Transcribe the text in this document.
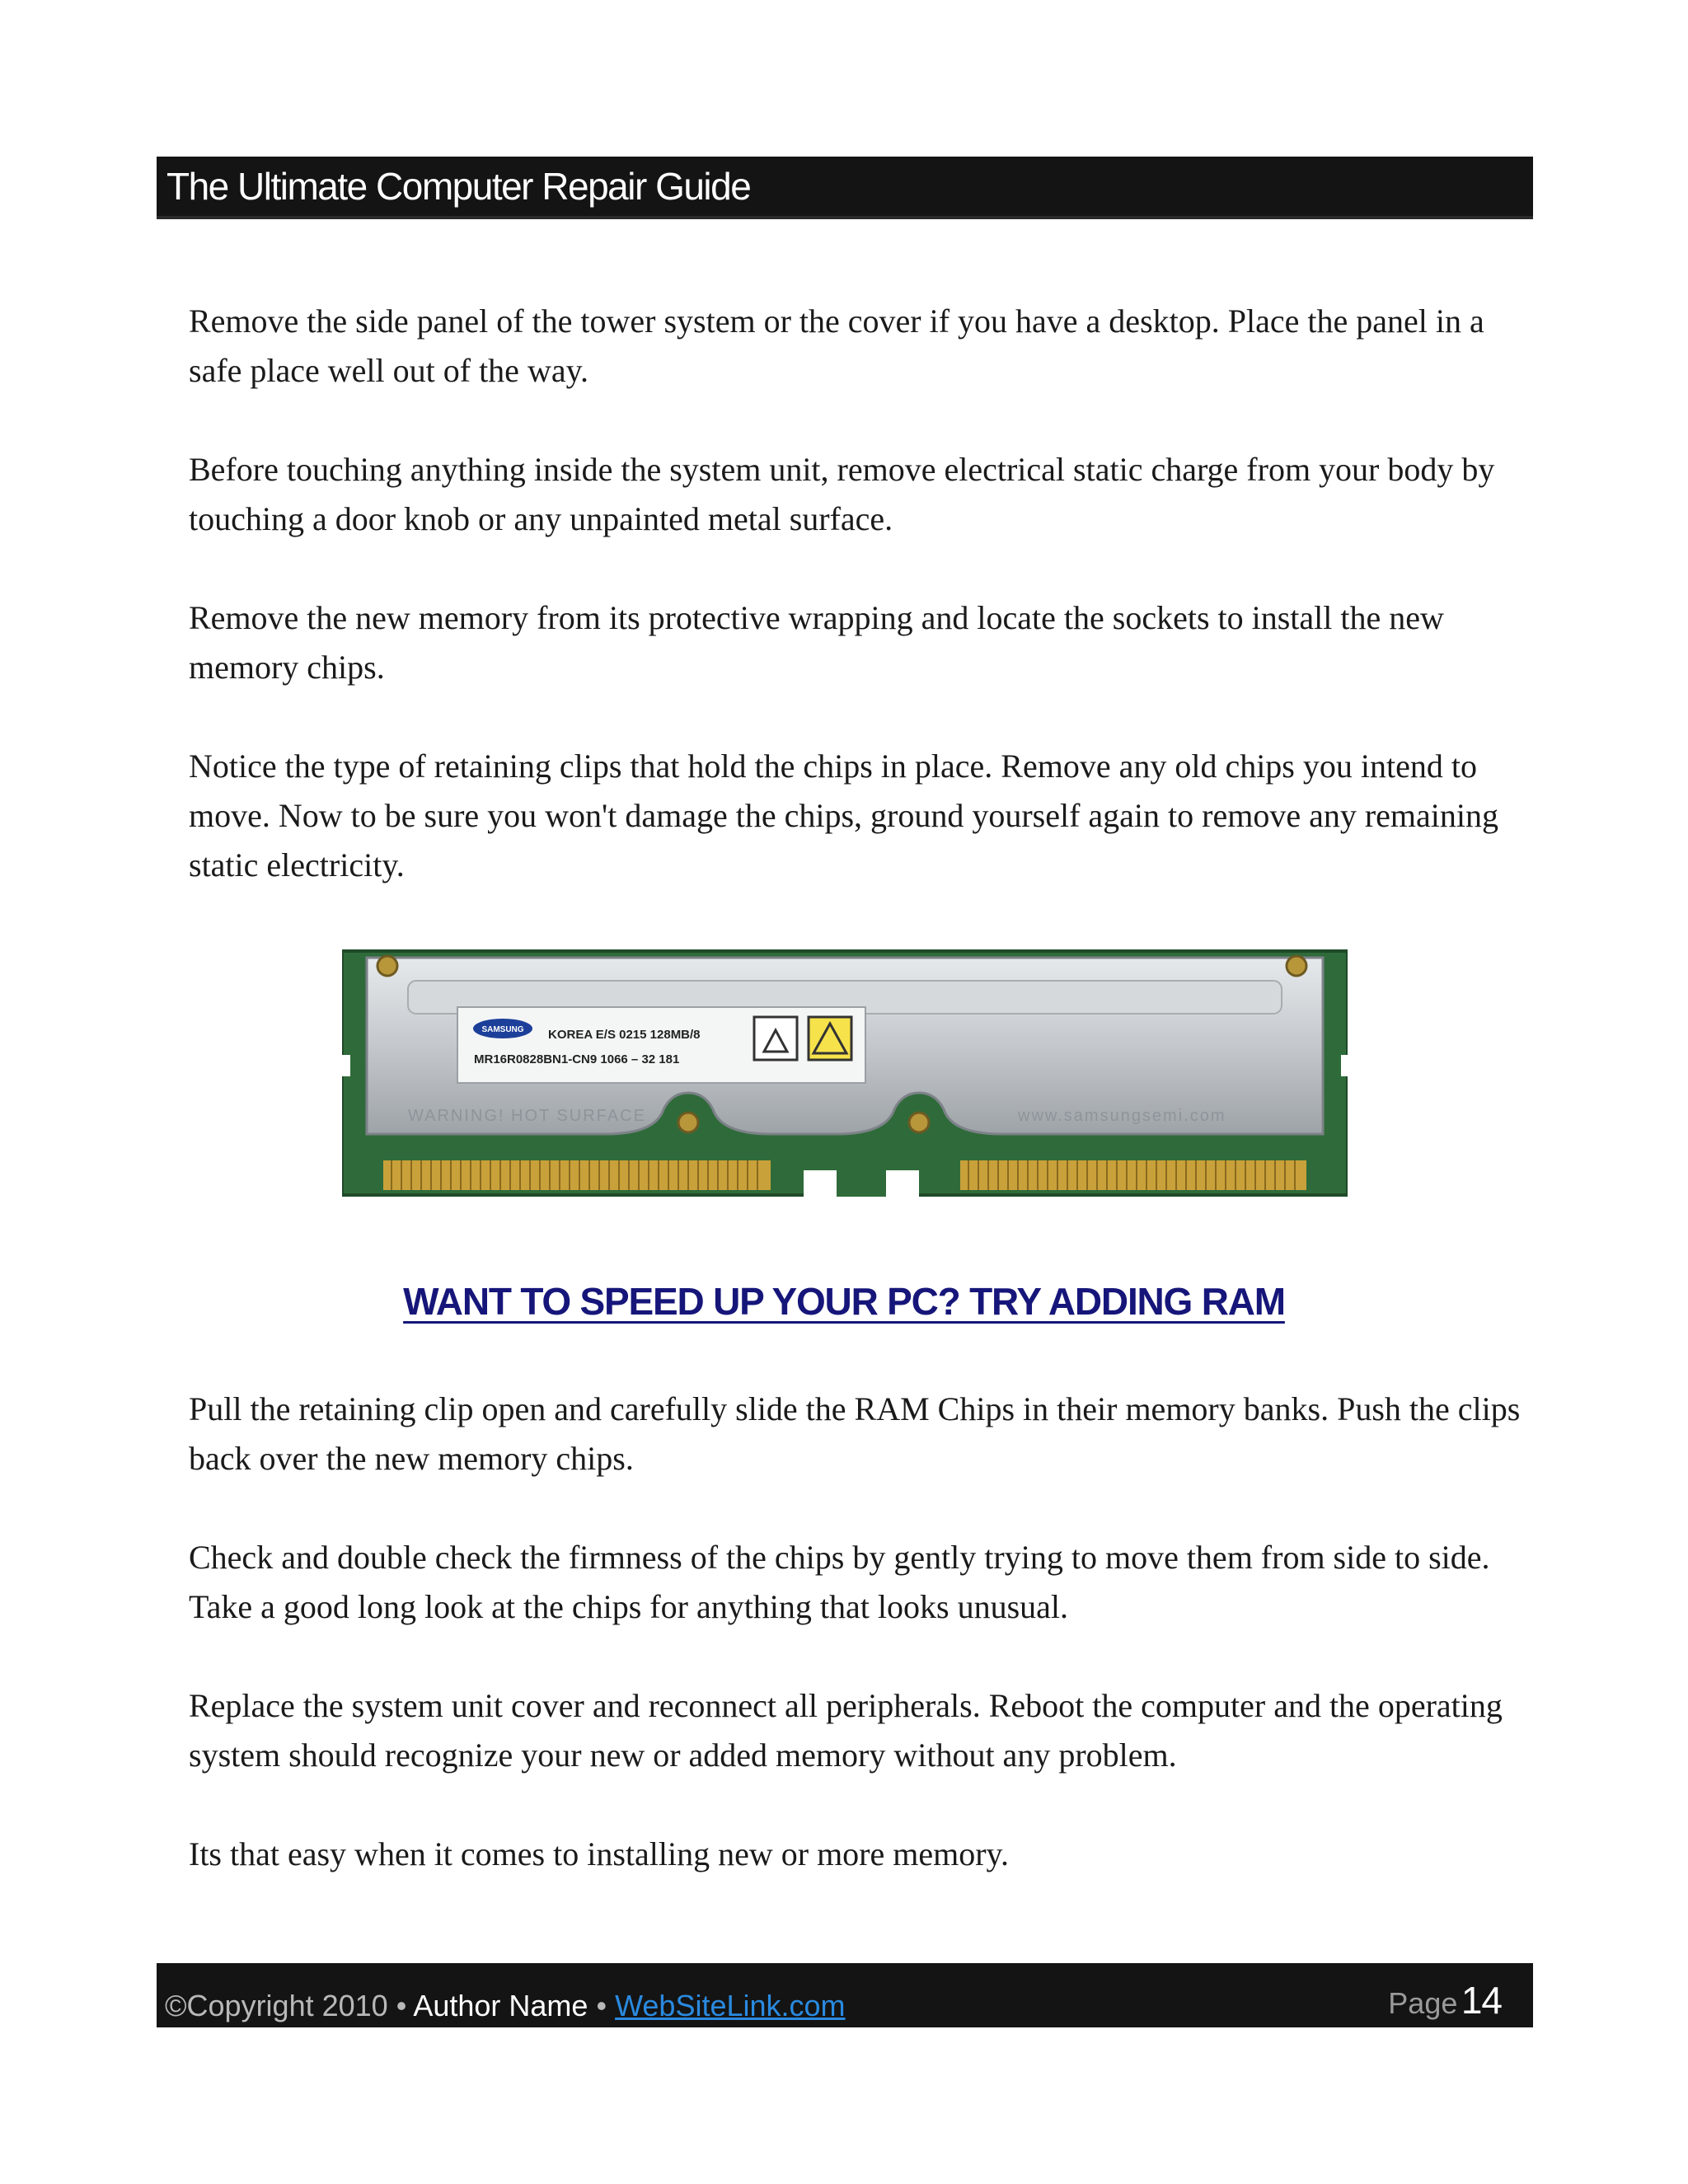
The Ultimate Computer Repair Guide

Remove the side panel of the tower system or the cover if you have a desktop. Place the panel in a safe place well out of the way.

Before touching anything inside the system unit, remove electrical static charge from your body by touching a door knob or any unpainted metal surface.

Remove the new memory from its protective wrapping and locate the sockets to install the new memory chips.

Notice the type of retaining clips that hold the chips in place. Remove any old chips you intend to move. Now to be sure you won't damage the chips, ground yourself again to remove any remaining static electricity.

SAMSUNG KOREA E/S 0215 128MB/8
MR16R0828BN1-CN9 1066 – 32 181
WARNING! HOT SURFACE	www.samsungsemi.com
WANT TO SPEED UP YOUR PC? TRY ADDING RAM

Pull the retaining clip open and carefully slide the RAM Chips in their memory banks. Push the clips back over the new memory chips.

Check and double check the firmness of the chips by gently trying to move them from side to side. Take a good long look at the chips for anything that looks unusual.

Replace the system unit cover and reconnect all peripherals. Reboot the computer and the operating system should recognize your new or added memory without any problem.

Its that easy when it comes to installing new or more memory.

©Copyright 2010 • Author Name • WebSiteLink.com	Page 14
